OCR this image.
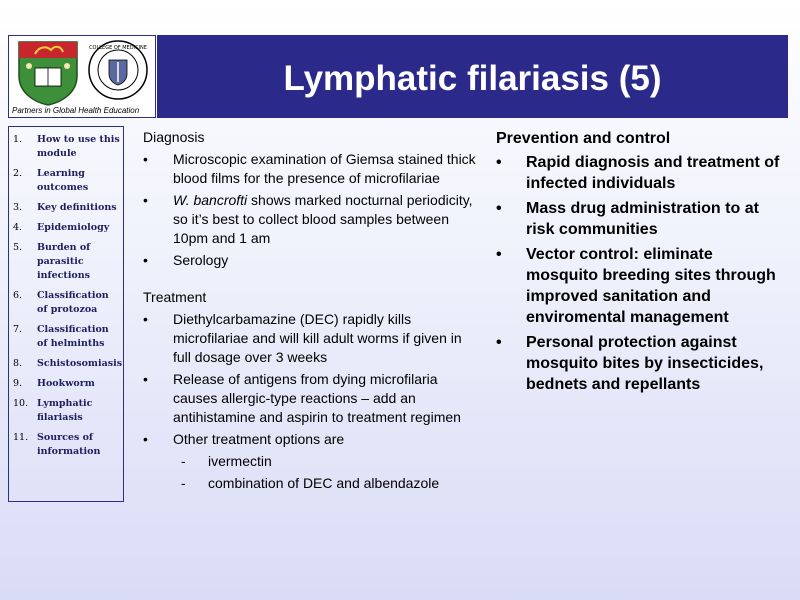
COLLEGE OF MEDICINE
Partners in Global Health Education
Lymphatic filariasis (5)
1.	How to use this module
2.	Learning outcomes
3.	Key definitions
4.	Epidemiology
5.	Burden of parasitic infections
6.	Classification of protozoa
7.	Classification of helminths
8.	Schistosomiasis
9.	Hookworm
10. Lymphatic filariasis
11. Sources of information
Diagnosis
• Microscopic examination of Giemsa stained thick blood films for the presence of microfilariae
• W. bancrofti shows marked nocturnal periodicity, so it’s best to collect blood samples between 10pm and 1 am
• Serology
Treatment
• Diethylcarbamazine (DEC) rapidly kills microfilariae and will kill adult worms if given in full dosage over 3 weeks
• Release of antigens from dying microfilaria causes allergic-type reactions – add an antihistamine and aspirin to treatment regimen
• Other treatment options are
- ivermectin
- combination of DEC and albendazole
Prevention and control
• Rapid diagnosis and treatment of infected individuals
• Mass drug administration to at risk communities
• Vector control: eliminate mosquito breeding sites through improved sanitation and enviromental management
• Personal protection against mosquito bites by insecticides, bednets and repellants
